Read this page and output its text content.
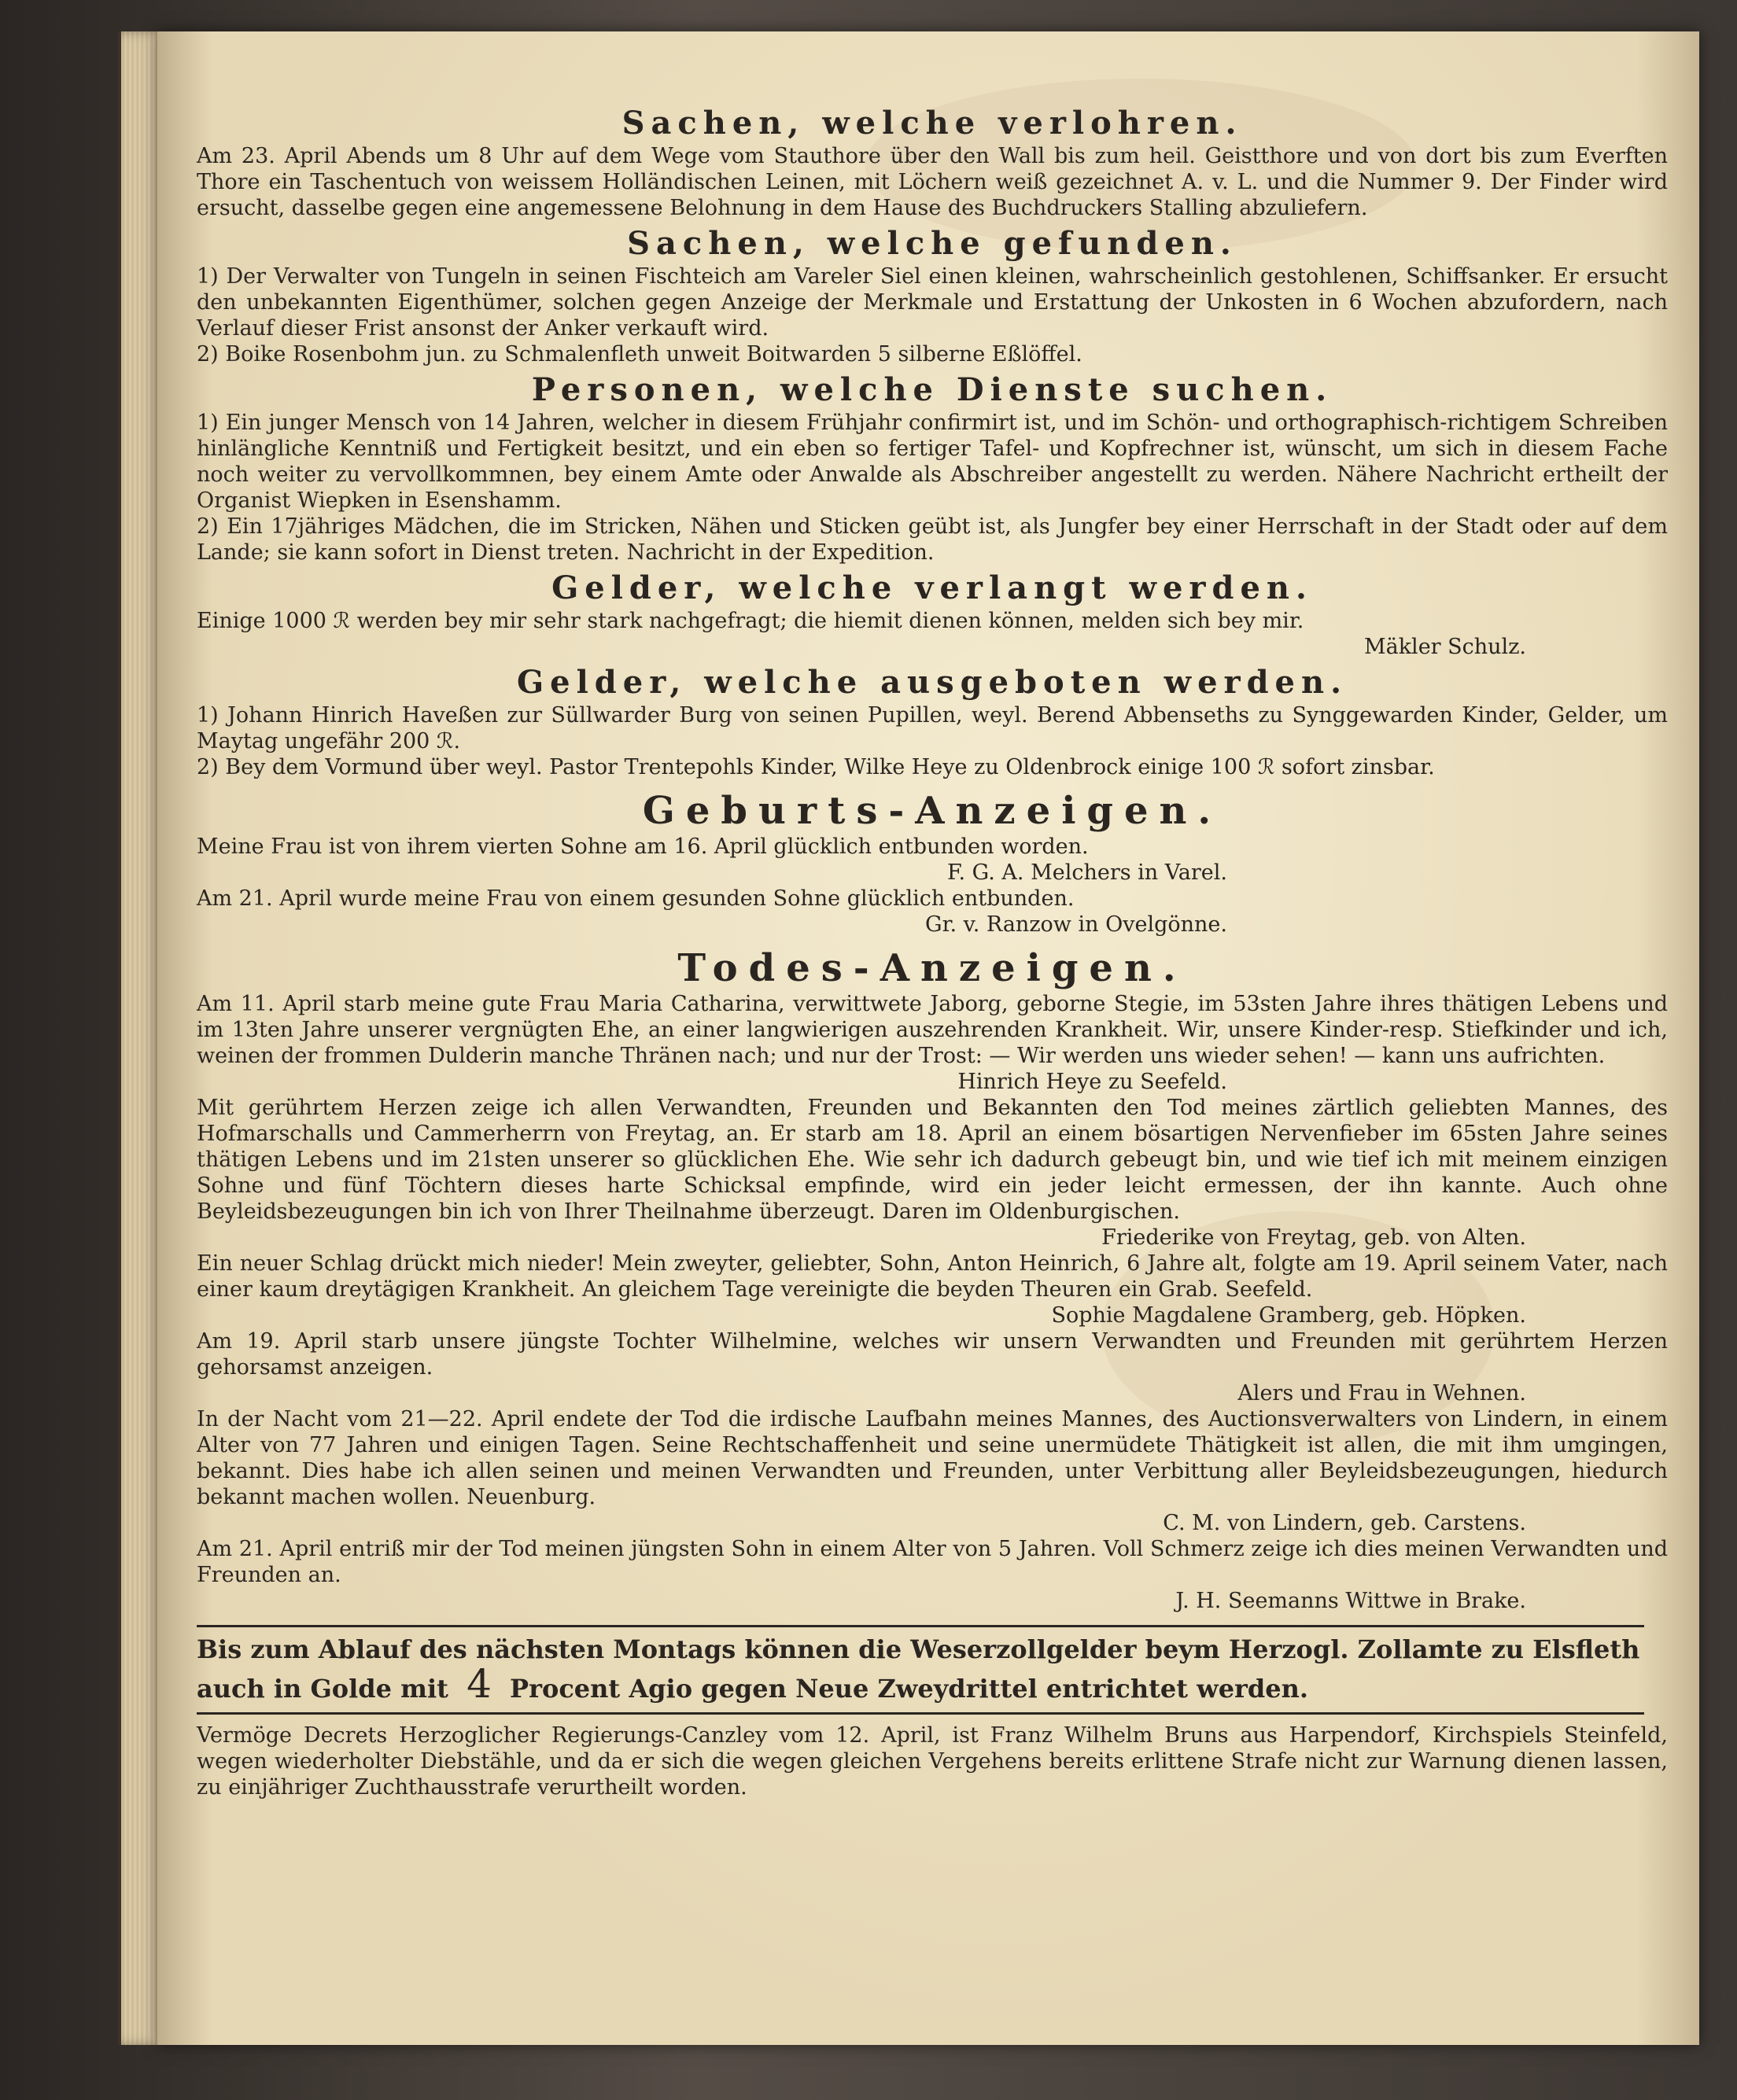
Sachen, welche verlohren.

Am 23. April Abends um 8 Uhr auf dem Wege vom Stauthore über den Wall bis zum heil. Geistthore und von dort bis zum Everften Thore ein Taschentuch von weissem Holländischen Leinen, mit Löchern weiß gezeichnet A. v. L. und die Nummer 9. Der Finder wird ersucht, dasselbe gegen eine angemessene Belohnung in dem Hause des Buchdruckers Stalling abzuliefern.

Sachen, welche gefunden.

1) Der Verwalter von Tungeln in seinen Fischteich am Vareler Siel einen kleinen, wahrscheinlich gestohlenen, Schiffsanker. Er ersucht den unbekannten Eigenthümer, solchen gegen Anzeige der Merkmale und Erstattung der Unkosten in 6 Wochen abzufordern, nach Verlauf dieser Frist ansonst der Anker verkauft wird.

2) Boike Rosenbohm jun. zu Schmalenfleth unweit Boitwarden 5 silberne Eßlöffel.

Personen, welche Dienste suchen.

1) Ein junger Mensch von 14 Jahren, welcher in diesem Frühjahr confirmirt ist, und im Schön- und orthographisch-richtigem Schreiben hinlängliche Kenntniß und Fertigkeit besitzt, und ein eben so fertiger Tafel- und Kopfrechner ist, wünscht, um sich in diesem Fache noch weiter zu vervollkommnen, bey einem Amte oder Anwalde als Abschreiber angestellt zu werden. Nähere Nachricht ertheilt der Organist Wiepken in Esenshamm.

2) Ein 17jähriges Mädchen, die im Stricken, Nähen und Sticken geübt ist, als Jungfer bey einer Herrschaft in der Stadt oder auf dem Lande; sie kann sofort in Dienst treten. Nachricht in der Expedition.

Gelder, welche verlangt werden.

Einige 1000 ℛ werden bey mir sehr stark nachgefragt; die hiemit dienen können, melden sich bey mir.

Mäkler Schulz.

Gelder, welche ausgeboten werden.

1) Johann Hinrich Haveßen zur Süllwarder Burg von seinen Pupillen, weyl. Berend Abbenseths zu Synggewarden Kinder, Gelder, um Maytag ungefähr 200 ℛ.

2) Bey dem Vormund über weyl. Pastor Trentepohls Kinder, Wilke Heye zu Oldenbrock einige 100 ℛ sofort zinsbar.

Geburts-Anzeigen.

Meine Frau ist von ihrem vierten Sohne am 16. April glücklich entbunden worden.

F. G. A. Melchers in Varel.

Am 21. April wurde meine Frau von einem gesunden Sohne glücklich entbunden.

Gr. v. Ranzow in Ovelgönne.

Todes-Anzeigen.

Am 11. April starb meine gute Frau Maria Catharina, verwittwete Jaborg, geborne Stegie, im 53sten Jahre ihres thätigen Lebens und im 13ten Jahre unserer vergnügten Ehe, an einer langwierigen auszehrenden Krankheit. Wir, unsere Kinder-resp. Stiefkinder und ich, weinen der frommen Dulderin manche Thränen nach; und nur der Trost: — Wir werden uns wieder sehen! — kann uns aufrichten.

Hinrich Heye zu Seefeld.

Mit gerührtem Herzen zeige ich allen Verwandten, Freunden und Bekannten den Tod meines zärtlich geliebten Mannes, des Hofmarschalls und Cammerherrn von Freytag, an. Er starb am 18. April an einem bösartigen Nervenfieber im 65sten Jahre seines thätigen Lebens und im 21sten unserer so glücklichen Ehe. Wie sehr ich dadurch gebeugt bin, und wie tief ich mit meinem einzigen Sohne und fünf Töchtern dieses harte Schicksal empfinde, wird ein jeder leicht ermessen, der ihn kannte. Auch ohne Beyleidsbezeugungen bin ich von Ihrer Theilnahme überzeugt. Daren im Oldenburgischen.

Friederike von Freytag, geb. von Alten.

Ein neuer Schlag drückt mich nieder! Mein zweyter, geliebter, Sohn, Anton Heinrich, 6 Jahre alt, folgte am 19. April seinem Vater, nach einer kaum dreytägigen Krankheit. An gleichem Tage vereinigte die beyden Theuren ein Grab. Seefeld.

Sophie Magdalene Gramberg, geb. Höpken.

Am 19. April starb unsere jüngste Tochter Wilhelmine, welches wir unsern Verwandten und Freunden mit gerührtem Herzen gehorsamst anzeigen.

Alers und Frau in Wehnen.

In der Nacht vom 21—22. April endete der Tod die irdische Laufbahn meines Mannes, des Auctionsverwalters von Lindern, in einem Alter von 77 Jahren und einigen Tagen. Seine Rechtschaffenheit und seine unermüdete Thätigkeit ist allen, die mit ihm umgingen, bekannt. Dies habe ich allen seinen und meinen Verwandten und Freunden, unter Verbittung aller Beyleidsbezeugungen, hiedurch bekannt machen wollen. Neuenburg.

C. M. von Lindern, geb. Carstens.

Am 21. April entriß mir der Tod meinen jüngsten Sohn in einem Alter von 5 Jahren. Voll Schmerz zeige ich dies meinen Verwandten und Freunden an.

J. H. Seemanns Wittwe in Brake.

Bis zum Ablauf des nächsten Montags können die Weserzollgelder beym Herzogl. Zollamte zu Elsfleth auch in Golde mit 4 Procent Agio gegen Neue Zweydrittel entrichtet werden.

Vermöge Decrets Herzoglicher Regierungs-Canzley vom 12. April, ist Franz Wilhelm Bruns aus Harpendorf, Kirchspiels Steinfeld, wegen wiederholter Diebstähle, und da er sich die wegen gleichen Vergehens bereits erlittene Strafe nicht zur Warnung dienen lassen, zu einjähriger Zuchthausstrafe verurtheilt worden.
